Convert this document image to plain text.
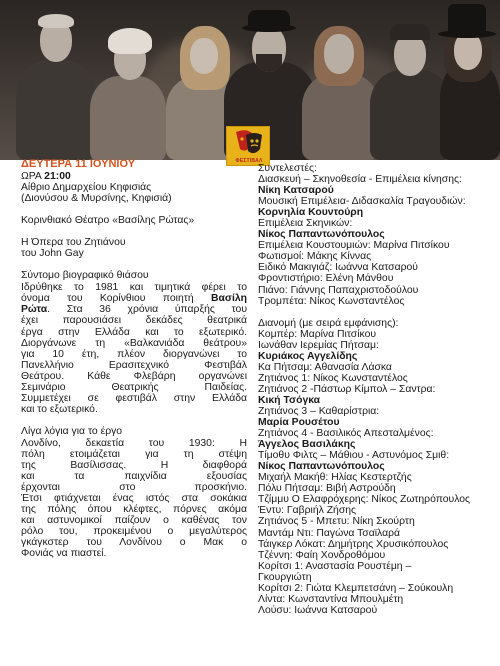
ΦΕΣΤΙΒΑΛ
ΔΕΥΤΕΡΑ 11 ΙΟΥΝΙΟΥ
ΩΡΑ 21:00
Αίθριο Δημαρχείου Κηφισιάς
(Διονύσου & Μυρσίνης, Κηφισιά)
Κορινθιακό Θέατρο «Βασίλης Ρώτας»
Η Όπερα του Ζητιάνου
του John Gay
Σύντομο βιογραφικό θιάσου
Ιδρύθηκε το 1981 και τιμητικά φέρει το
όνομα του Κορίνθιου ποιητή Βασίλη
Ρώτα. Στα 36 χρόνια ύπαρξής του
έχει παρουσιάσει δεκάδες θεατρικά
έργα στην Ελλάδα και το εξωτερικό.
Διοργάνωνε τη «Βαλκανιάδα θεάτρου»
για 10 έτη, πλέον διοργανώνει το
Πανελλήνιο Ερασιτεχνικό Φεστιβάλ
Θεάτρου. Κάθε Φλεβάρη οργανώνει
Σεμινάριο Θεατρικής Παιδείας.
Συμμετέχει σε φεστιβάλ στην Ελλάδα
και το εξωτερικό.
Λίγα λόγια για το έργο
Λονδίνο, δεκαετία του 1930: Η
πόλη ετοιμάζεται για τη στέψη
της Βασίλισσας. Η διαφθορά
και τα παιχνίδια εξουσίας
έρχονται στο προσκήνιο.
Έτσι φτιάχνεται ένας ιστός στα σοκάκια
της πόλης όπου κλέφτες, πόρνες ακόμα
και αστυνομικοί παίζουν ο καθένας τον
ρόλο του, προκειμένου ο μεγαλύτερος
γκάγκστερ του Λονδίνου ο Μακ ο
Φονιάς να πιαστεί.
Συντελεστές:
Διασκευή – Σκηνοθεσία - Επιμέλεια κίνησης:
Νίκη Κατσαρού
Μουσική Επιμέλεια- Διδασκαλία Τραγουδιών:
Κορνηλία Κουντούρη
Επιμέλεια Σκηνικών:
Νίκος Παπαντωνόπουλος
Επιμέλεια Κουστουμιών: Μαρίνα Πιτσίκου
Φωτισμοί: Μάκης Κίννας
Ειδικό Μακιγιάζ: Ιωάννα Κατσαρού
Φροντιστήριο: Ελένη Μάνθου
Πιάνο: Γιάννης Παπαχριστοδούλου
Τρομπέτα: Νίκος Κωνσταντέλος
Διανομή (με σειρά εμφάνισης):
Κομπέρ: Μαρίνα Πιτσίκου
Ιωνάθαν Ιερεμίας Πήτσαμ:
Κυριάκος Αγγελίδης
Κα Πήτσαμ: Αθανασία Λάσκα
Ζητιάνος 1: Νίκος Κωνσταντέλος
Ζητιάνος 2 -Πάστωρ Κίμπολ – Σαντρα:
Κική Τσόγκα
Ζητιάνος 3 – Καθαρίστρια:
Μαρία Ρουσέτου
Ζητιάνος 4 - Βασιλικός Απεσταλμένος:
Άγγελος Βασιλάκης
Τίμοθυ Φιλτς – Μάθιου - Αστυνόμος Σμιθ:
Νίκος Παπαντωνόπουλος
Μιχαήλ Μακήθ: Ηλίας Κεστερτζής
Πόλυ Πήτσαμ: Βιβή Αστρούδη
Τζίμμυ Ο Ελαφρόχερης: Νίκος Ζωτηρόπουλος
Έντυ: Γαβριήλ Ζήσης
Ζητιάνος 5 - Μπετυ: Νίκη Σκούρτη
Μαντάμ Ντι: Παγώνα Τσαϊλαρά
Τάιγκερ Λόκατ: Δημήτρης Χρυσικόπουλος
Τζέννη: Φαίη Χονδροθόμου
Κορίτσι 1: Αναστασία Ρουστέμη –
Γκουργιώτη
Κορίτσι 2: Γιώτα Κλεμπετσάνη – Σούκουλη
Λίντα: Κωνσταντίνα Μπουλμέτη
Λούσυ: Ιωάννα Κατσαρού
